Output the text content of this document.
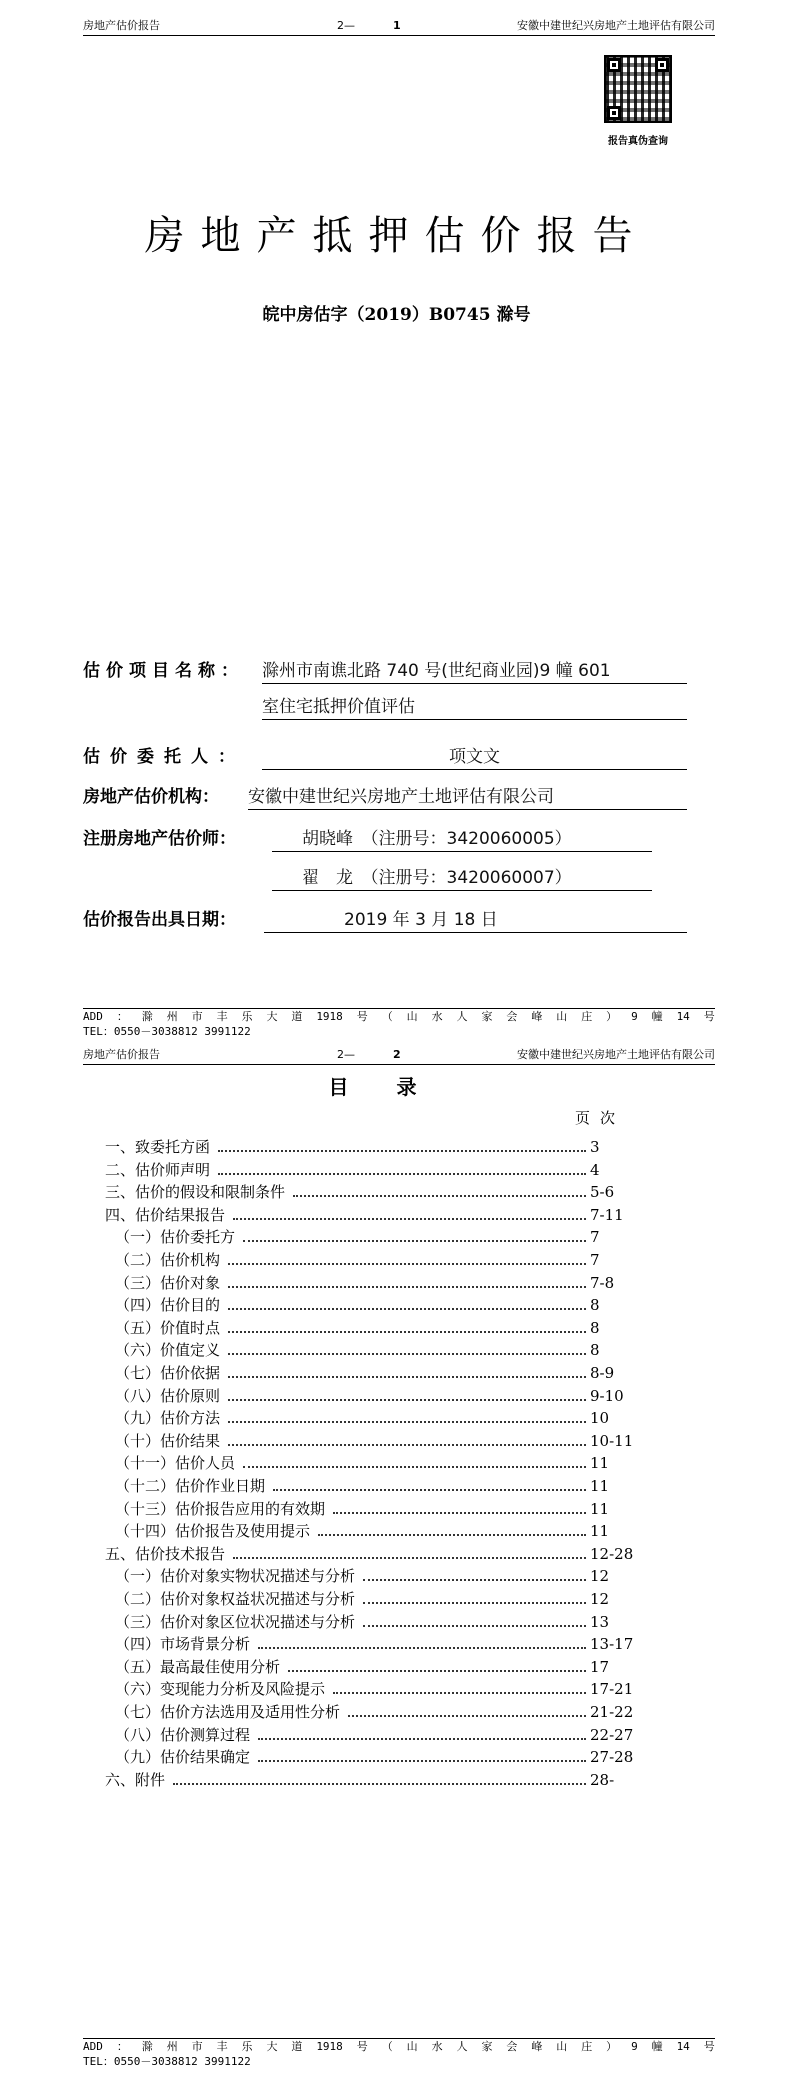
房地产估价报告	2—	1	安徽中建世纪兴房地产土地评估有限公司
报告真伪查询
房地产抵押估价报告
皖中房估字（2019）B0745 滁号
估价项目名称： 滁州市南谯北路 740 号(世纪商业园)9 幢 601
室住宅抵押价值评估
估价委托人：	项文文
房地产估价机构： 安徽中建世纪兴房地产土地评估有限公司
注册房地产估价师：	胡晓峰　（注册号：3420060005）
翟　龙　（注册号：3420060007）
估价报告出具日期：	2019 年 3 月 18 日
ADD ： 滁 州 市 丰 乐 大 道 1918 号 （ 山 水 人 家 会 峰 山 庄 ） 9 幢 14 号
TEL：0550－3038812 3991122
房地产估价报告	2—	2	安徽中建世纪兴房地产土地评估有限公司
目录
页次
一、致委托方函	3
二、估价师声明	4
三、估价的假设和限制条件	5-6
四、估价结果报告	7-11
（一）估价委托方	7
（二）估价机构	7
（三）估价对象	7-8
（四）估价目的	8
（五）价值时点	8
（六）价值定义	8
（七）估价依据	8-9
（八）估价原则	9-10
（九）估价方法	10
（十）估价结果	10-11
（十一）估价人员	11
（十二）估价作业日期	11
（十三）估价报告应用的有效期	11
（十四）估价报告及使用提示	11
五、估价技术报告	12-28
（一）估价对象实物状况描述与分析	12
（二）估价对象权益状况描述与分析	12
（三）估价对象区位状况描述与分析	13
（四）市场背景分析	13-17
（五）最高最佳使用分析	17
（六）变现能力分析及风险提示	17-21
（七）估价方法选用及适用性分析	21-22
（八）估价测算过程	22-27
（九）估价结果确定	27-28
六、附件	28-
ADD ： 滁 州 市 丰 乐 大 道 1918 号 （ 山 水 人 家 会 峰 山 庄 ） 9 幢 14 号
TEL：0550－3038812 3991122
